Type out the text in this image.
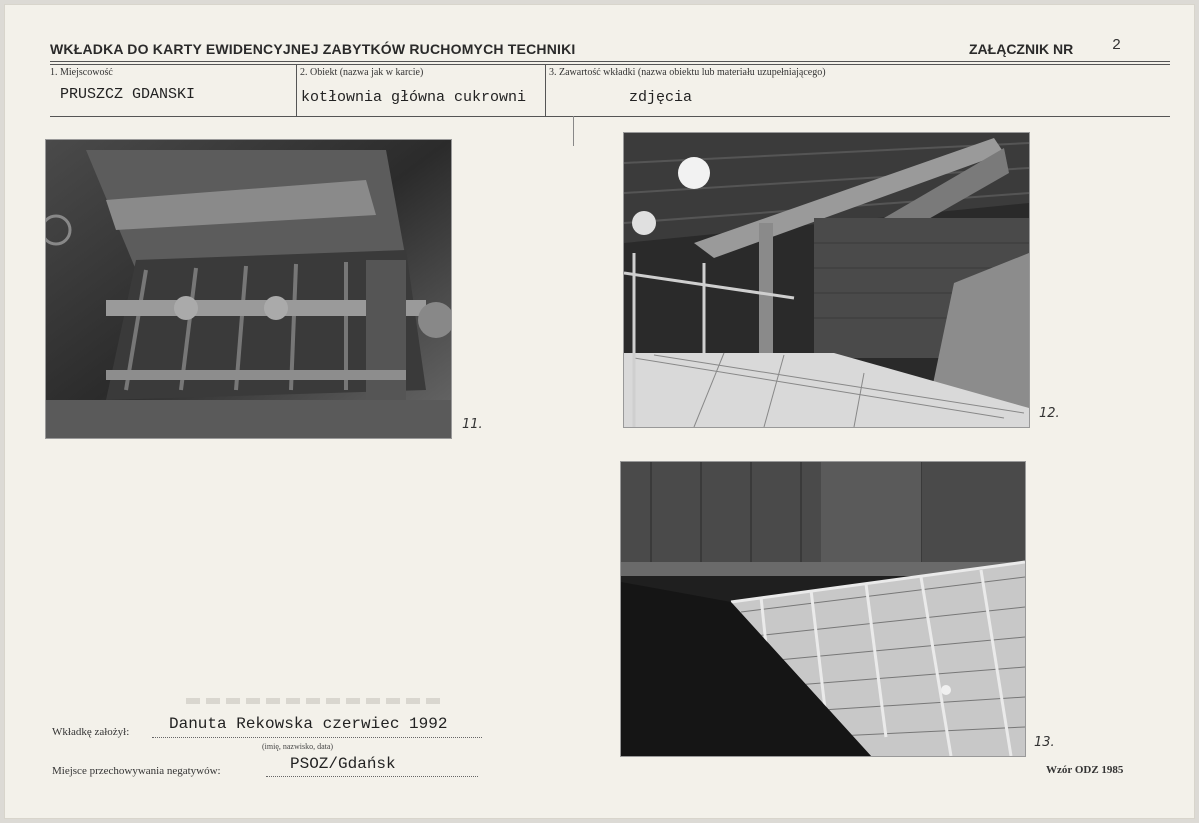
WKŁADKA DO KARTY EWIDENCYJNEJ ZABYTKÓW RUCHOMYCH TECHNIKI	ZAŁĄCZNIK NR	2
1. Miejscowość
PRUSZCZ GDANSKI
2. Obiekt (nazwa jak w karcie)
kotłownia główna cukrowni
3. Zawartość wkładki (nazwa obiektu lub materiału uzupełniającego)
zdjęcia
11.
12.
13.
Wkładkę założył: Danuta Rekowska czerwiec 1992
(imię, nazwisko, data)
Miejsce przechowywania negatywów:	PSOZ/Gdańsk	Wzór ODZ 1985
